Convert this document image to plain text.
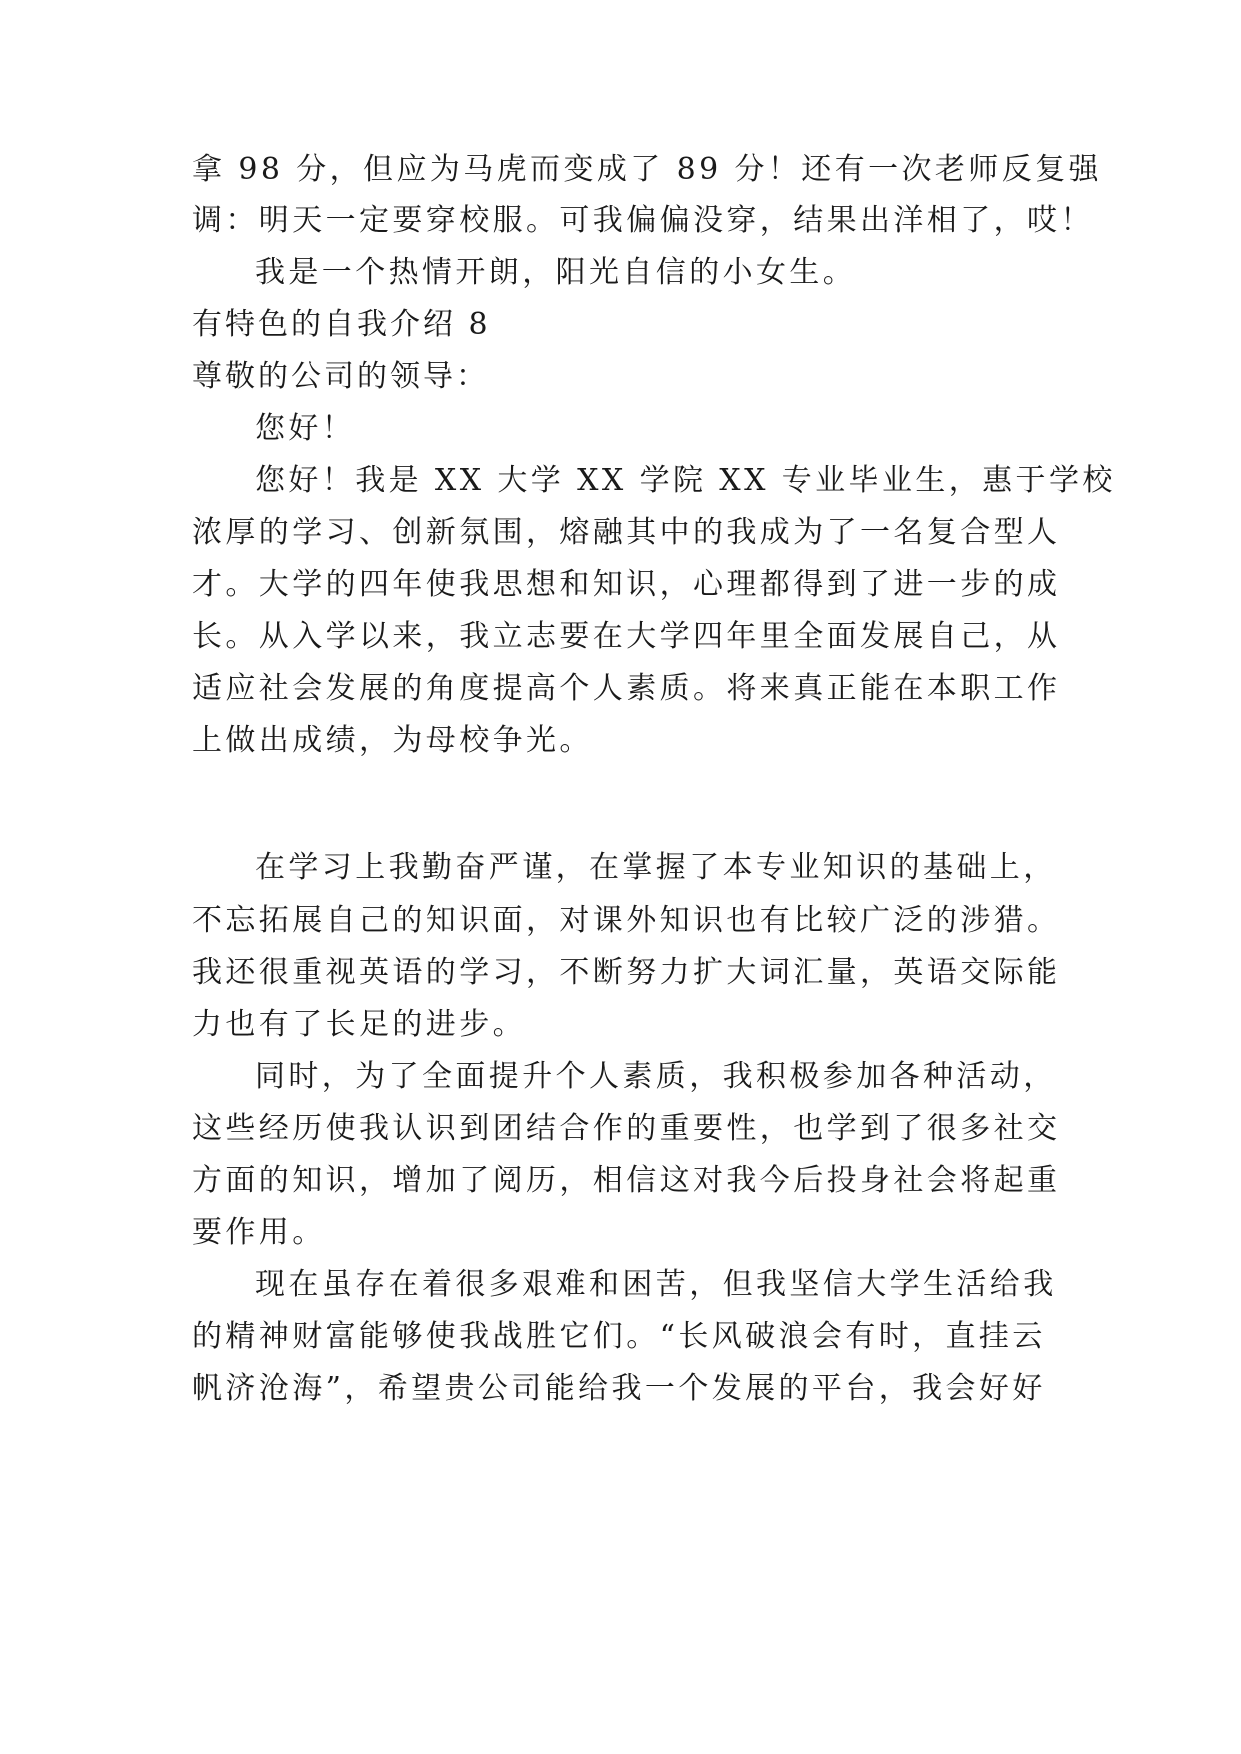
拿 98 分，但应为马虎而变成了 89 分！还有一次老师反复强
调：明天一定要穿校服。可我偏偏没穿，结果出洋相了，哎！
我是一个热情开朗，阳光自信的小女生。
有特色的自我介绍 8
尊敬的公司的领导：
您好！
您好！我是 XX 大学 XX 学院 XX 专业毕业生，惠于学校
浓厚的学习、创新氛围，熔融其中的我成为了一名复合型人
才。大学的四年使我思想和知识，心理都得到了进一步的成
长。从入学以来，我立志要在大学四年里全面发展自己，从
适应社会发展的角度提高个人素质。将来真正能在本职工作
上做出成绩，为母校争光。
在学习上我勤奋严谨，在掌握了本专业知识的基础上，
不忘拓展自己的知识面，对课外知识也有比较广泛的涉猎。
我还很重视英语的学习，不断努力扩大词汇量，英语交际能
力也有了长足的进步。
同时，为了全面提升个人素质，我积极参加各种活动，
这些经历使我认识到团结合作的重要性，也学到了很多社交
方面的知识，增加了阅历，相信这对我今后投身社会将起重
要作用。
现在虽存在着很多艰难和困苦，但我坚信大学生活给我
的精神财富能够使我战胜它们。“长风破浪会有时，直挂云
帆济沧海”，希望贵公司能给我一个发展的平台，我会好好
